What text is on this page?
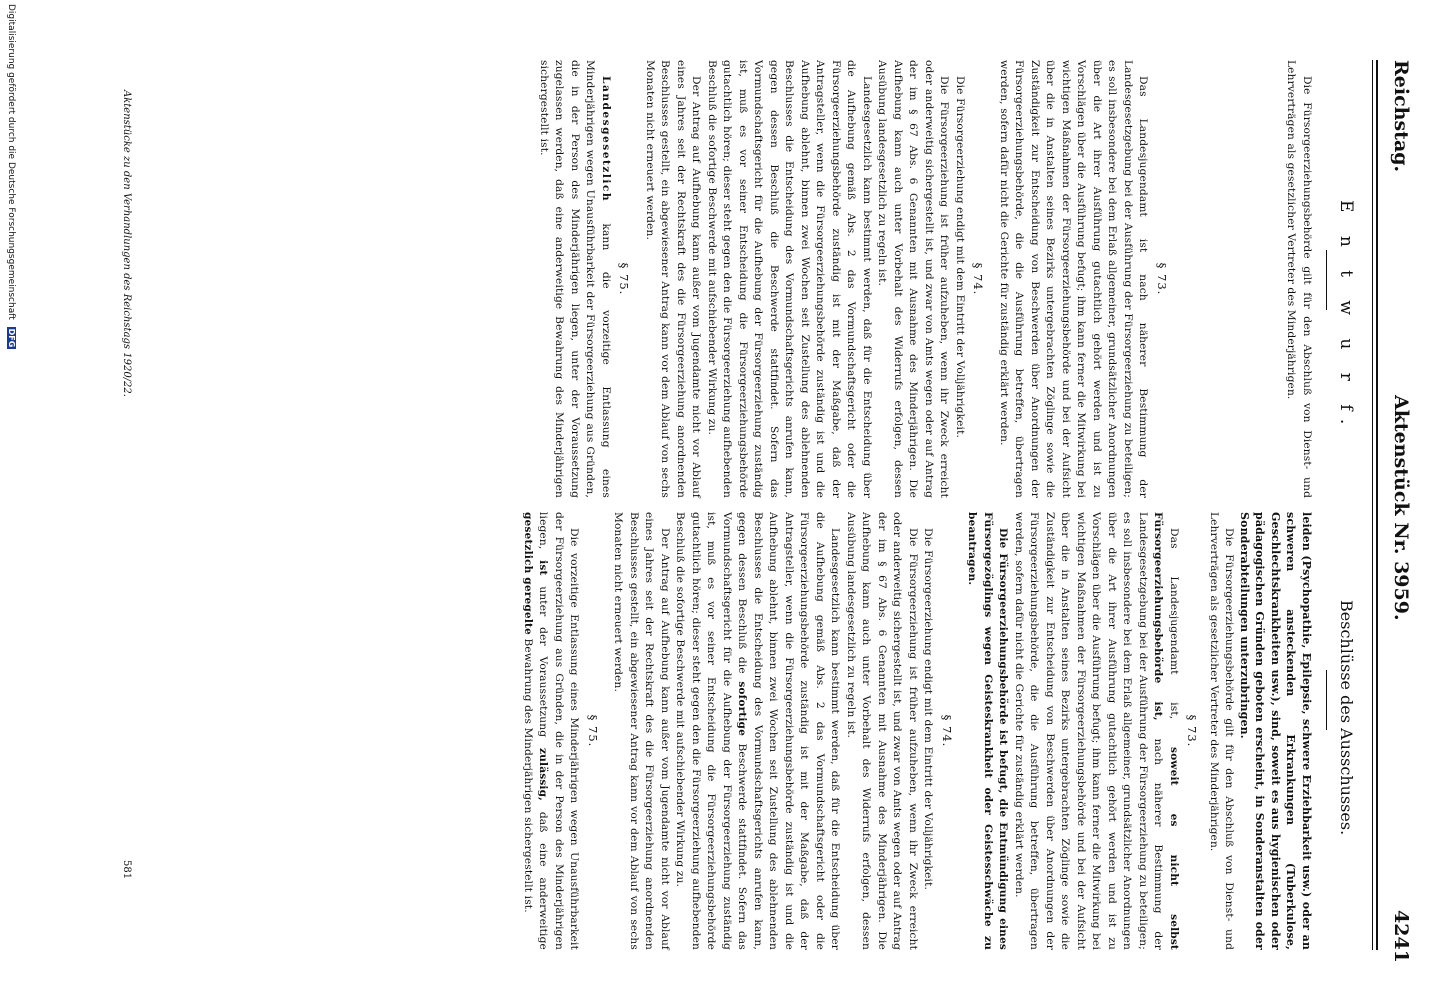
Reichstag.
Aktenstück Nr. 3959.
4241
E n t w u r f.
Beschlüsse des Ausschusses.

Die Fürsorgeerziehungsbehörde gilt für den Abschluß von Dienst- und Lehrverträgen als gesetzlicher Vertreter des Minderjährigen.

§ 73.

Das Landesjugendamt ist nach näherer Bestimmung der Landesgesetzgebung bei der Ausführung der Fürsorgeerziehung zu beteiligen; es soll insbesondere bei dem Erlaß allgemeiner, grundsätzlicher Anordnungen über die Art ihrer Ausführung gutachtlich gehört werden und ist zu Vorschlägen über die Ausführung befugt; ihm kann ferner die Mitwirkung bei wichtigen Maßnahmen der Fürsorgeerziehungsbehörde und bei der Aufsicht über die in Anstalten seines Bezirks untergebrachten Zöglinge sowie die Zuständigkeit zur Entscheidung von Beschwerden über Anordnungen der Fürsorgeerziehungsbehörde, die die Ausführung betreffen, übertragen werden, sofern dafür nicht die Gerichte für zuständig erklärt werden.

§ 74.

Die Fürsorgeerziehung endigt mit dem Eintritt der Volljährigkeit.

Die Fürsorgeerziehung ist früher aufzuheben, wenn ihr Zweck erreicht oder anderweitig sichergestellt ist, und zwar von Amts wegen oder auf Antrag der im § 67 Abs. 6 Genannten mit Ausnahme des Minderjährigen. Die Aufhebung kann auch unter Vorbehalt des Widerrufs erfolgen, dessen Ausübung landesgesetzlich zu regeln ist.

Landesgesetzlich kann bestimmt werden, daß für die Entscheidung über die Aufhebung gemäß Abs. 2 das Vormundschaftsgericht oder die Fürsorgeerziehungsbehörde zuständig ist mit der Maßgabe, daß der Antragsteller, wenn die Fürsorgeerziehungsbehörde zuständig ist und die Aufhebung ablehnt, binnen zwei Wochen seit Zustellung des ablehnenden Beschlusses die Entscheidung des Vormundschaftsgerichts anrufen kann, gegen dessen Beschluß die Beschwerde stattfindet. Sofern das Vormundschaftsgericht für die Aufhebung der Fürsorgeerziehung zuständig ist, muß es vor seiner Entscheidung die Fürsorgeerziehungsbehörde gutachtlich hören; dieser steht gegen den die Fürsorgeerziehung aufhebenden Beschluß die sofortige Beschwerde mit aufschiebender Wirkung zu.

Der Antrag auf Aufhebung kann außer vom Jugendamte nicht vor Ablauf eines Jahres seit der Rechtskraft des die Fürsorgeerziehung anordnenden Beschlusses gestellt, ein abgewiesener Antrag kann vor dem Ablauf von sechs Monaten nicht erneuert werden.

§ 75.

Landesgesetzlich kann die vorzeitige Entlassung eines Minderjährigen wegen Unausführbarkeit der Fürsorgeerziehung aus Gründen, die in der Person des Minderjährigen liegen, unter der Voraussetzung zugelassen werden, daß eine anderweitige Bewahrung des Minderjährigen sichergestellt ist.

leiden (Psychopathie, Epilepsie, schwere Erziehbarkeit usw.) oder an schweren ansteckenden Erkrankungen (Tuberkulose, Geschlechtskrankheiten usw.), sind, soweit es aus hygienischen oder pädagogischen Gründen geboten erscheint, in Sonderanstalten oder Sonderabteilungen unterzubringen.

Die Fürsorgeerziehungsbehörde gilt für den Abschluß von Dienst- und Lehrverträgen als gesetzlicher Vertreter des Minderjährigen.

§ 73.

Das Landesjugendamt ist, soweit es nicht selbst Fürsorgeerziehungsbehörde ist, nach näherer Bestimmung der Landesgesetzgebung bei der Ausführung der Fürsorgeerziehung zu beteiligen; es soll insbesondere bei dem Erlaß allgemeiner, grundsätzlicher Anordnungen über die Art ihrer Ausführung gutachtlich gehört werden und ist zu Vorschlägen über die Ausführung befugt; ihm kann ferner die Mitwirkung bei wichtigen Maßnahmen der Fürsorgeerziehungsbehörde und bei der Aufsicht über die in Anstalten seines Bezirks untergebrachten Zöglinge sowie die Zuständigkeit zur Entscheidung von Beschwerden über Anordnungen der Fürsorgeerziehungsbehörde, die die Ausführung betreffen, übertragen werden, sofern dafür nicht die Gerichte für zuständig erklärt werden.

Die Fürsorgeerziehungsbehörde ist befugt, die Entmündigung eines Fürsorgezöglings wegen Geisteskrankheit oder Geistesschwäche zu beantragen.

§ 74.

Die Fürsorgeerziehung endigt mit dem Eintritt der Volljährigkeit.

Die Fürsorgeerziehung ist früher aufzuheben, wenn ihr Zweck erreicht oder anderweitig sichergestellt ist, und zwar von Amts wegen oder auf Antrag der im § 67 Abs. 6 Genannten mit Ausnahme des Minderjährigen. Die Aufhebung kann auch unter Vorbehalt des Widerrufs erfolgen, dessen Ausübung landesgesetzlich zu regeln ist.

Landesgesetzlich kann bestimmt werden, daß für die Entscheidung über die Aufhebung gemäß Abs. 2 das Vormundschaftsgericht oder die Fürsorgeerziehungsbehörde zuständig ist mit der Maßgabe, daß der Antragsteller, wenn die Fürsorgeerziehungsbehörde zuständig ist und die Aufhebung ablehnt, binnen zwei Wochen seit Zustellung des ablehnenden Beschlusses die Entscheidung des Vormundschaftsgerichts anrufen kann, gegen dessen Beschluß die sofortige Beschwerde stattfindet. Sofern das Vormundschaftsgericht für die Aufhebung der Fürsorgeerziehung zuständig ist, muß es vor seiner Entscheidung die Fürsorgeerziehungsbehörde gutachtlich hören; dieser steht gegen den die Fürsorgeerziehung aufhebenden Beschluß die sofortige Beschwerde mit aufschiebender Wirkung zu.

Der Antrag auf Aufhebung kann außer vom Jugendamte nicht vor Ablauf eines Jahres seit der Rechtskraft des die Fürsorgeerziehung anordnenden Beschlusses gestellt, ein abgewiesener Antrag kann vor dem Ablauf von sechs Monaten nicht erneuert werden.

§ 75.

Die vorzeitige Entlassung eines Minderjährigen wegen Unausführbarkeit der Fürsorgeerziehung aus Gründen, die in der Person des Minderjährigen liegen, ist unter der Voraussetzung zulässig, daß eine anderweitige gesetzlich geregelte Bewahrung des Minderjährigen sichergestellt ist.

Aktenstücke zu den Verhandlungen des Reichstags 1920/22.
581
Digitalisierung gefördert durch die Deutsche Forschungsgemeinschaft DFG
